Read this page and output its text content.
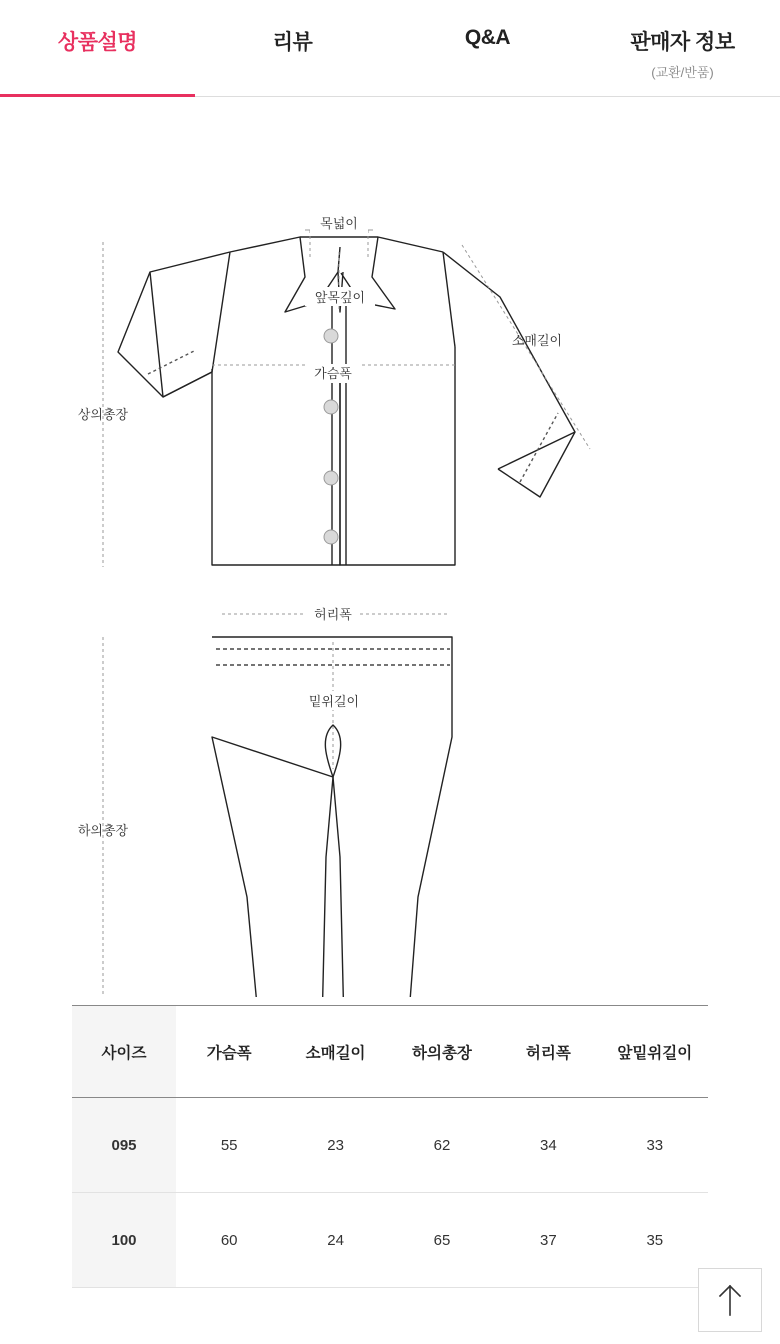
상품설명	리뷰	Q&A	판매자 정보
(교환/반품)
목넓이
앞목깊이
가슴폭
소매길이
상의총장
허리폭
밑위길이
하의총장
사이즈	가슴폭	소매길이	하의총장	허리폭	앞밑위길이
095	55	23	62	34	33
100	60	24	65	37	35
